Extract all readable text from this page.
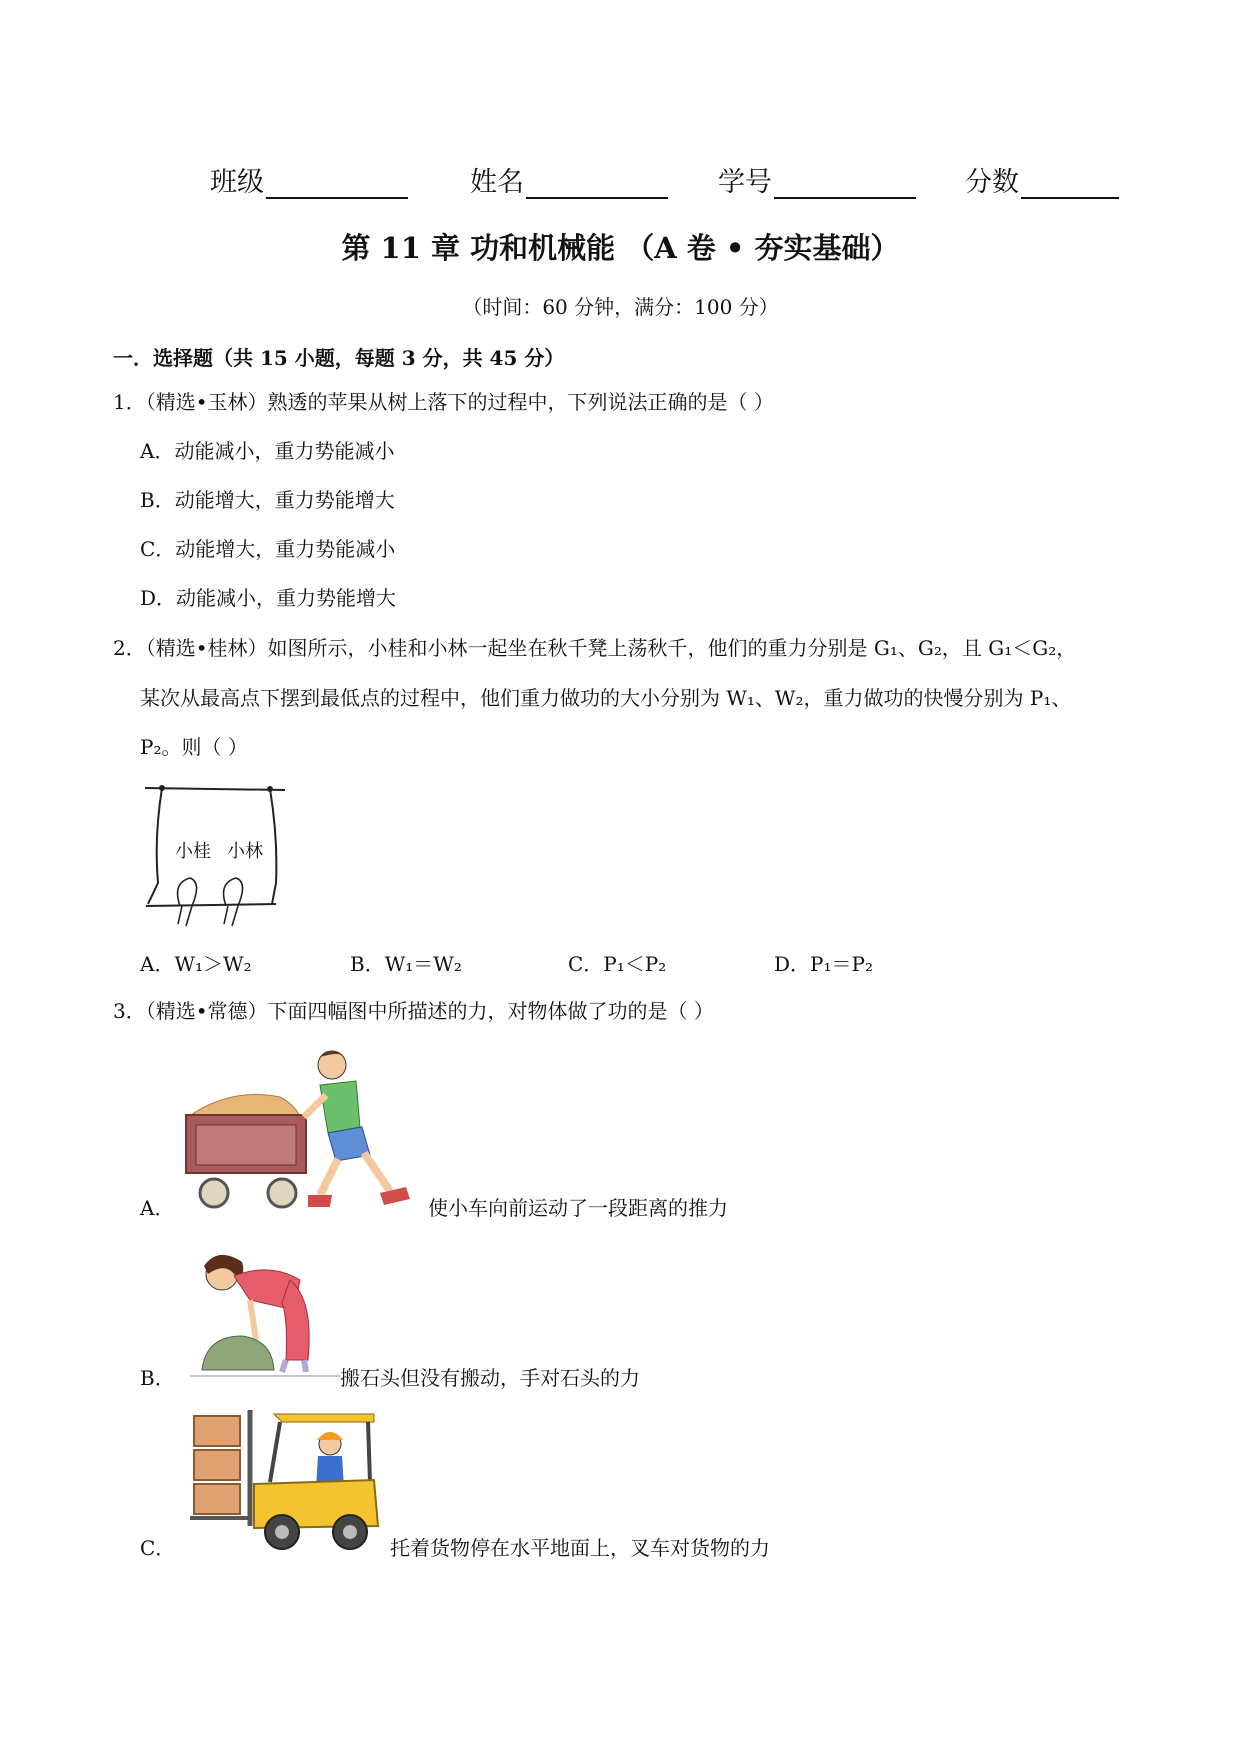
班级	姓名	学号	分数
第 11 章 功和机械能 （A 卷 • 夯实基础）
（时间：60 分钟，满分：100 分）
一．选择题（共 15 小题，每题 3 分，共 45 分）
1．（精选•玉林）熟透的苹果从树上落下的过程中，下列说法正确的是（ ）
A．动能减小，重力势能减小
B．动能增大，重力势能增大
C．动能增大，重力势能减小
D．动能减小，重力势能增大
2．（精选•桂林）如图所示，小桂和小林一起坐在秋千凳上荡秋千，他们的重力分别是 G₁、G₂，且 G₁＜G₂，
某次从最高点下摆到最低点的过程中，他们重力做功的大小分别为 W₁、W₂，重力做功的快慢分别为 P₁、
P₂。则（ ）
小桂 小林
A．W₁＞W₂	B．W₁＝W₂	C．P₁＜P₂	D．P₁＝P₂
3．（精选•常德）下面四幅图中所描述的力，对物体做了功的是（ ）
A．	使小车向前运动了一段距离的推力
B．	搬石头但没有搬动，手对石头的力
C．	托着货物停在水平地面上，叉车对货物的力
